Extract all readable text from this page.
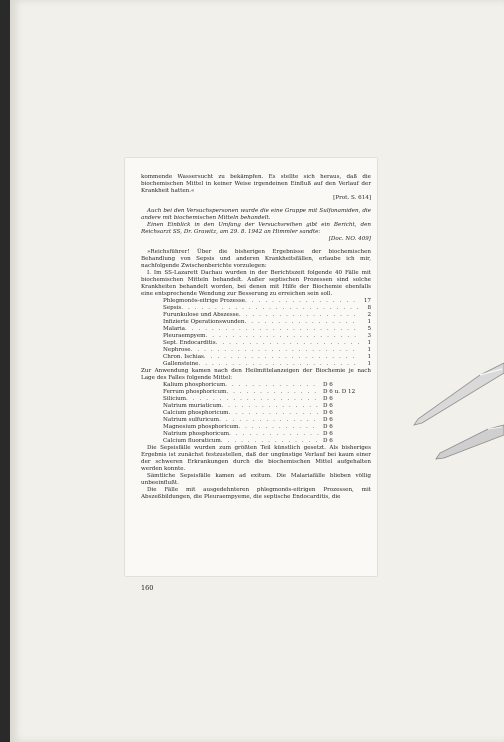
kommende Wassersucht zu bekämpfen. Es stellte sich heraus, daß die biochemischen Mittel in keiner Weise irgendeinen Einfluß auf den Verlauf der Krankheit hatten.«
[Prot. S. 614]

Auch bei den Versuchspersonen wurde die eine Gruppe mit Sulfonamiden, die andere mit biochemischen Mitteln behandelt.

Einen Einblick in den Umfang der Versuchsreihen gibt ein Bericht, den Reichsarzt SS, Dr. Grawitz, am 29. 8. 1942 an Himmler sandte:
[Doc. NO. 409]

»Reichsführer! Über die bisherigen Ergebnisse der biochemischen Behandlung von Sepsis und anderen Krankheitsfällen, erlaube ich mir, nachfolgende Zwischenberichte vorzulegen:

I. Im SS-Lazarett Dachau wurden in der Berichtszeit folgende 40 Fälle mit biochemischen Mitteln behandelt. Außer septischen Prozessen sind solche Krankheiten behandelt worden, bei denen mit Hilfe der Biochemie ebenfalls eine entsprechende Wendung zur Besserung zu erreichen sein soll.

Phlegmonös-eitrige Prozesse . . .	17
Sepsis . . .	8
Furunkulose und Abszesse . . .	2
Infizierte Operationswunden . . .	1
Malaria . . .	5
Pleuraempyem . . .	3
Sept. Endocarditis . . .	1
Nephrose . . .	1
Chron. Ischias . . .	1
Gallensteine . . .	1

Zur Anwendung kamen nach den Heilmittelanzeigen der Biochemie je nach Lage des Falles folgende Mittel:

Kalium phosphoricum . . .	D 6
Ferrum phosphoricum . . .	D 6 u. D 12
Silicium . . .	D 6
Natrium muriaticum . . .	D 6
Calcium phosphoricum . . .	D 6
Natrium sulfuricum . . .	D 6
Magnesium phosphoricum . . .	D 6
Natrium phosphoricum . . .	D 6
Calcium fluoraticum . . .	D 6

Die Sepsisfälle wurden zum größten Teil künstlich gesetzt. Als bisheriges Ergebnis ist zunächst festzustellen, daß der ungünstige Verlauf bei kaum einer der schweren Erkrankungen durch die biochemischen Mittel aufgehalten werden konnte.

Sämtliche Sepsisfälle kamen ad exitum. Die Malariafälle blieben völlig unbeeinflußt.

Die Fälle mit ausgedehnteren phlegmonös-eitrigen Prozessen, mit Abszeßbildungen, die Pleuraempyeme, die septische Endocarditis, die

160
